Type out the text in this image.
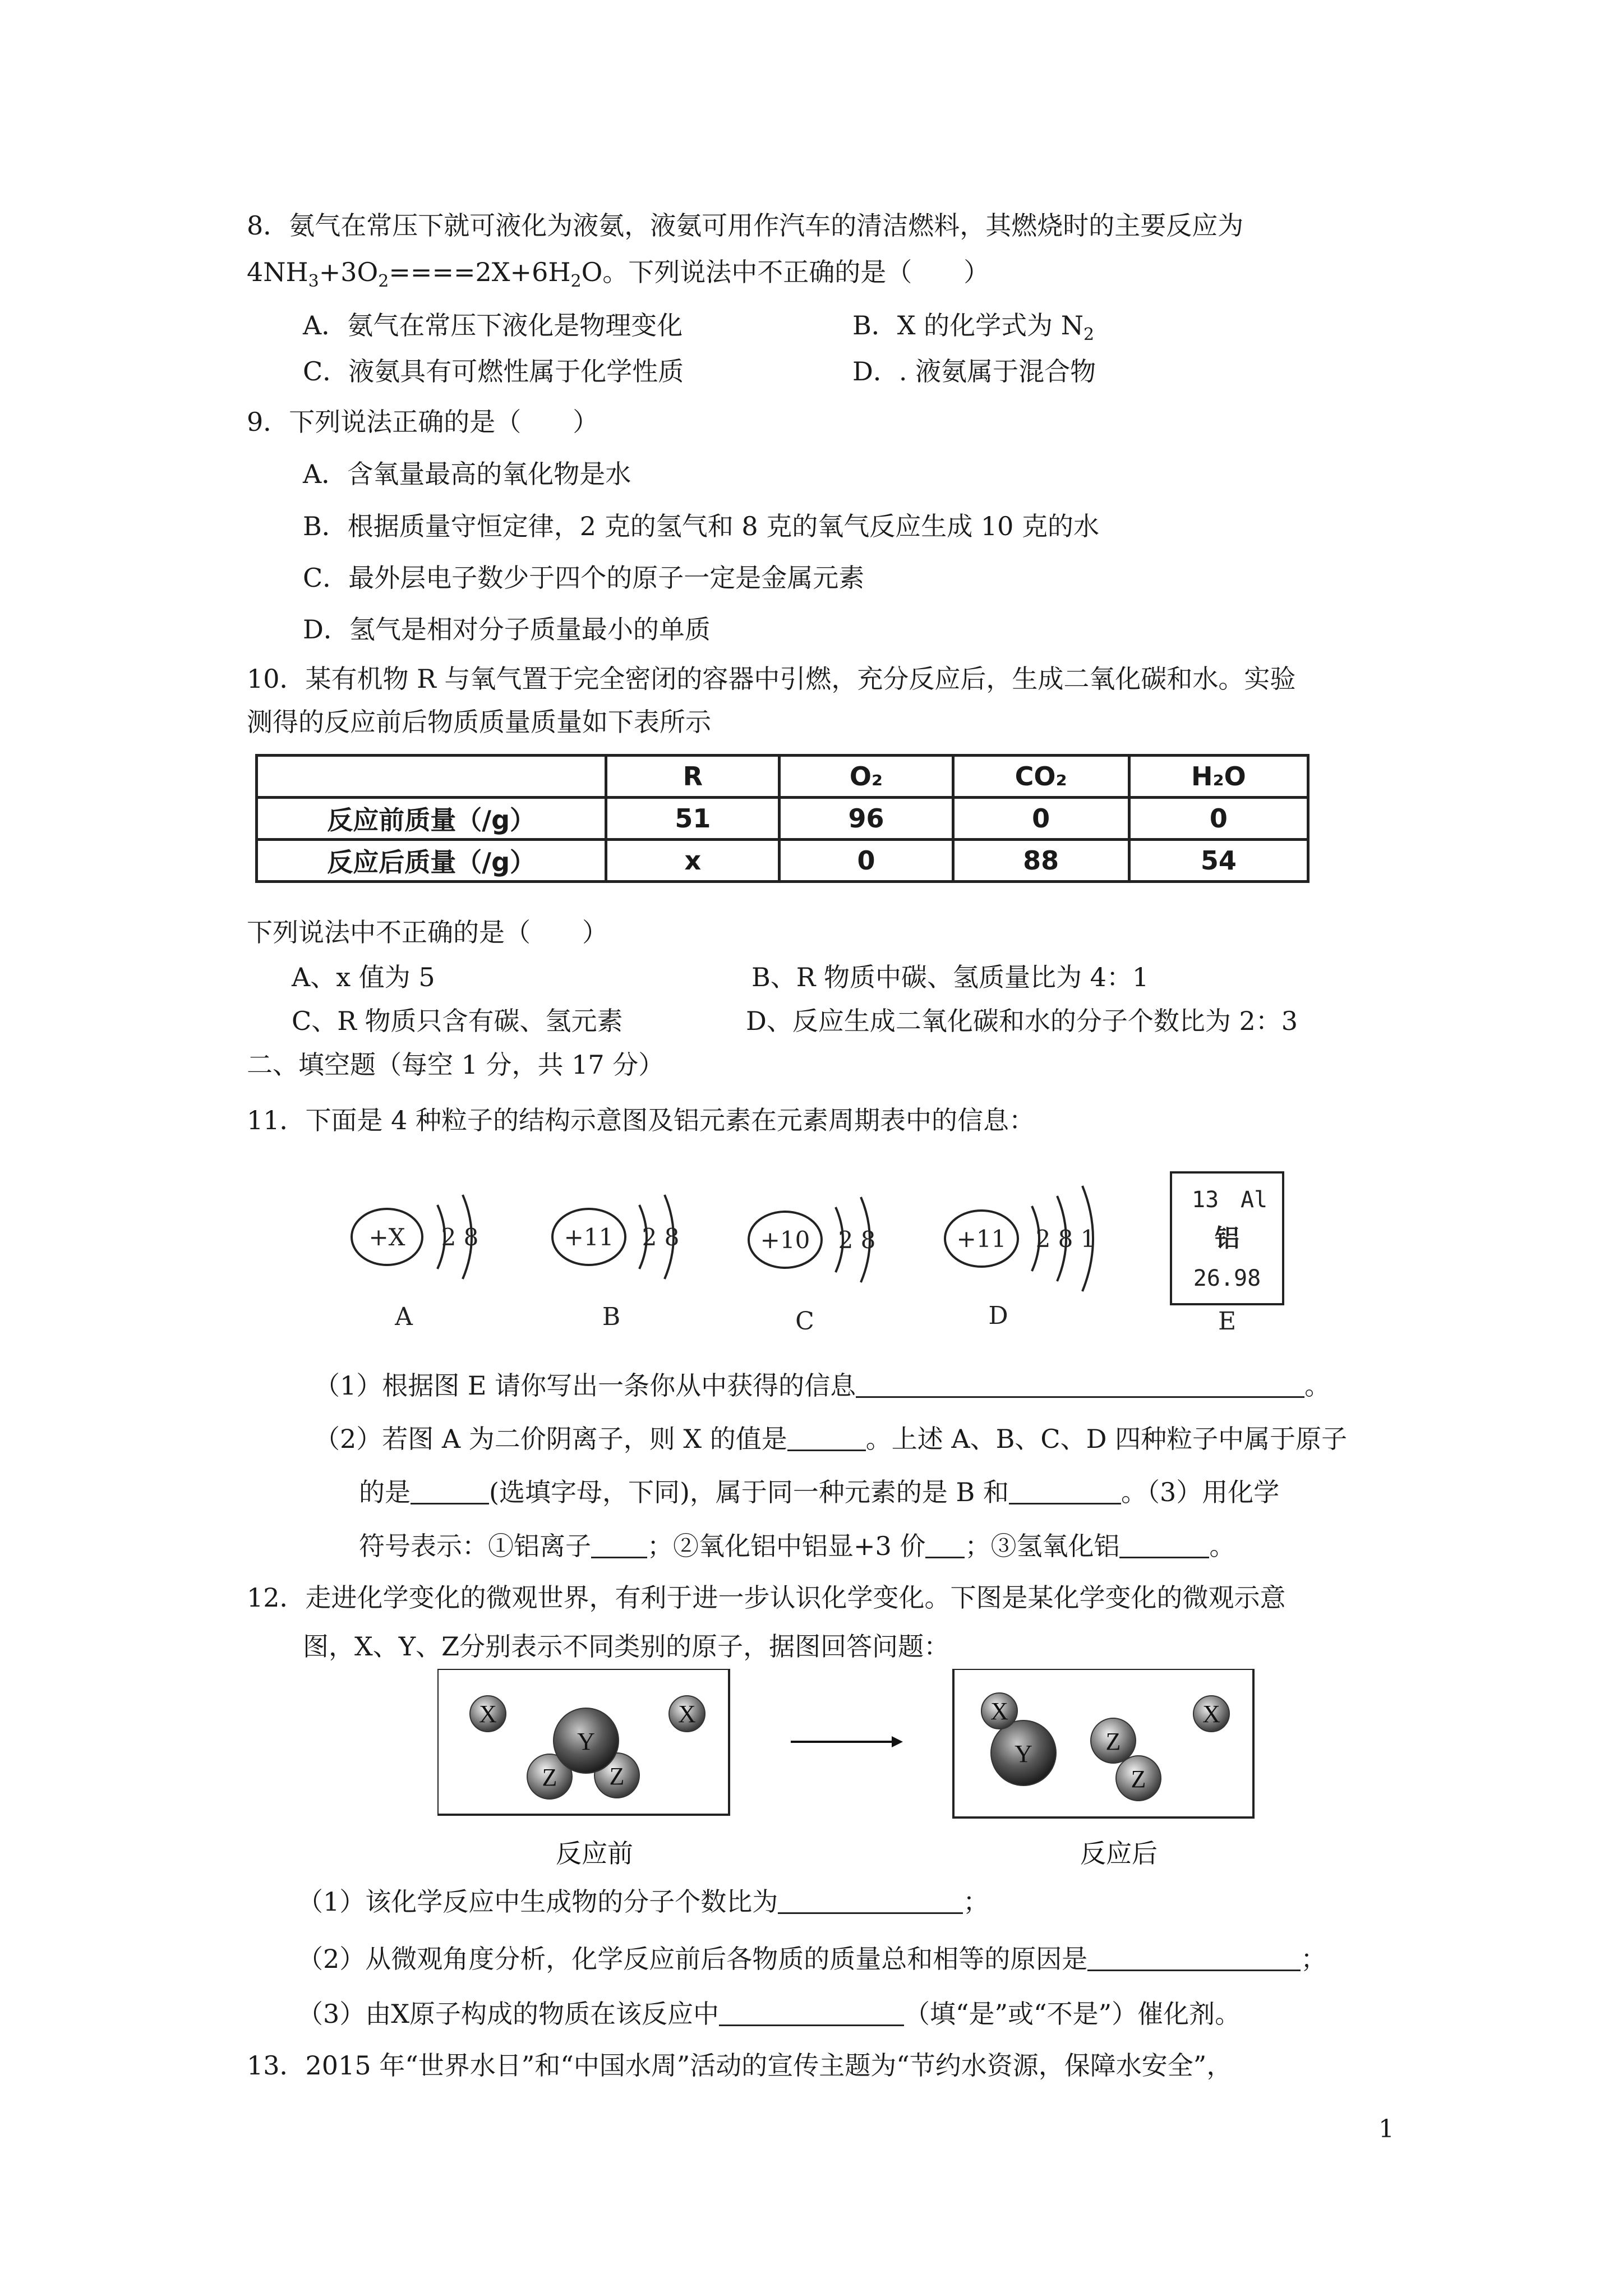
8．氨气在常压下就可液化为液氨，液氨可用作汽车的清洁燃料，其燃烧时的主要反应为
$4NH_3+3O_2====2X+6H_2O$。下列说法中不正确的是（　　）
A．氨气在常压下液化是物理变化	B．X 的化学式为 $N_2$
C．液氨具有可燃性属于化学性质	D．. 液氨属于混合物
9．下列说法正确的是（　　）
A．含氧量最高的氧化物是水
B．根据质量守恒定律，2 克的氢气和 8 克的氧气反应生成 10 克的水
C．最外层电子数少于四个的原子一定是金属元素
D．氢气是相对分子质量最小的单质
10．某有机物 R 与氧气置于完全密闭的容器中引燃，充分反应后，生成二氧化碳和水。实验
测得的反应前后物质质量质量如下表所示
	R	O₂	CO₂	H₂O
反应前质量（/g）	51	96	0	0
反应后质量（/g）	x	0	88	54
下列说法中不正确的是（　　）
A、x 值为 5	B、R 物质中碳、氢质量比为 4：1
C、R 物质只含有碳、氢元素	D、反应生成二氧化碳和水的分子个数比为 2：3
二、填空题（每空 1 分，共 17 分）
11．下面是 4 种粒子的结构示意图及铝元素在元素周期表中的信息：
+X 2 8
A
+11 2 8
B
+10 2 8
C
+11 2 8 1
D
13 Al
铝
26.98
E
（1）根据图 E 请你写出一条你从中获得的信息	。
（2）若图 A 为二价阴离子，则 X 的值是	。上述 A、B、C、D 四种粒子中属于原子
的是	(选填字母，下同)，属于同一种元素的是 B 和	。（3）用化学
符号表示：①铝离子 ；②氧化铝中铝显+3 价 ；③氢氧化铝	。
12．走进化学变化的微观世界，有利于进一步认识化学变化。下图是某化学变化的微观示意
图，X、Y、Z分别表示不同类别的原子，据图回答问题：
X	X
Z Z
Y	Y
X
Z
Z
X
反应前	反应后
（1）该化学反应中生成物的分子个数比为	；
（2）从微观角度分析，化学反应前后各物质的质量总和相等的原因是	；
（3）由X原子构成的物质在该反应中	（填“是”或“不是”）催化剂。
13．2015 年“世界水日”和“中国水周”活动的宣传主题为“节约水资源，保障水安全”，
1
